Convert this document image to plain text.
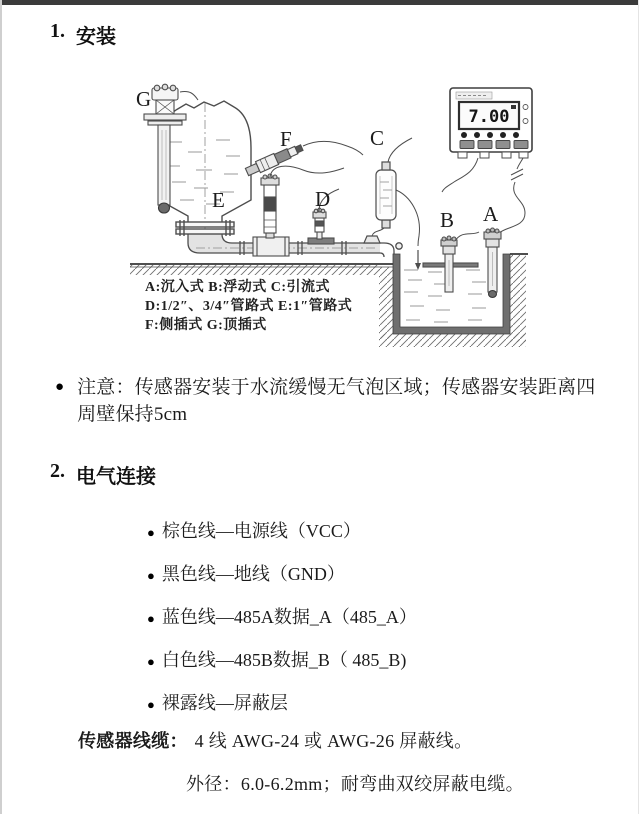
1. 安装
7.00
G
F	C
E	D
B A
A:沉入式 B:浮动式 C:引流式
D:1/2″、3/4″管路式 E:1″管路式
F:侧插式 G:顶插式
● 注意：传感器安装于水流缓慢无气泡区域；传感器安装距离四周壁保持5cm
2. 电气连接
● 棕色线—电源线（VCC）
● 黑色线—地线（GND）
● 蓝色线—485A数据_A（485_A）
● 白色线—485B数据_B（ 485_B)
● 裸露线—屏蔽层
传感器线缆： 4 线 AWG-24 或 AWG-26 屏蔽线。
外径：6.0-6.2mm；耐弯曲双绞屏蔽电缆。
